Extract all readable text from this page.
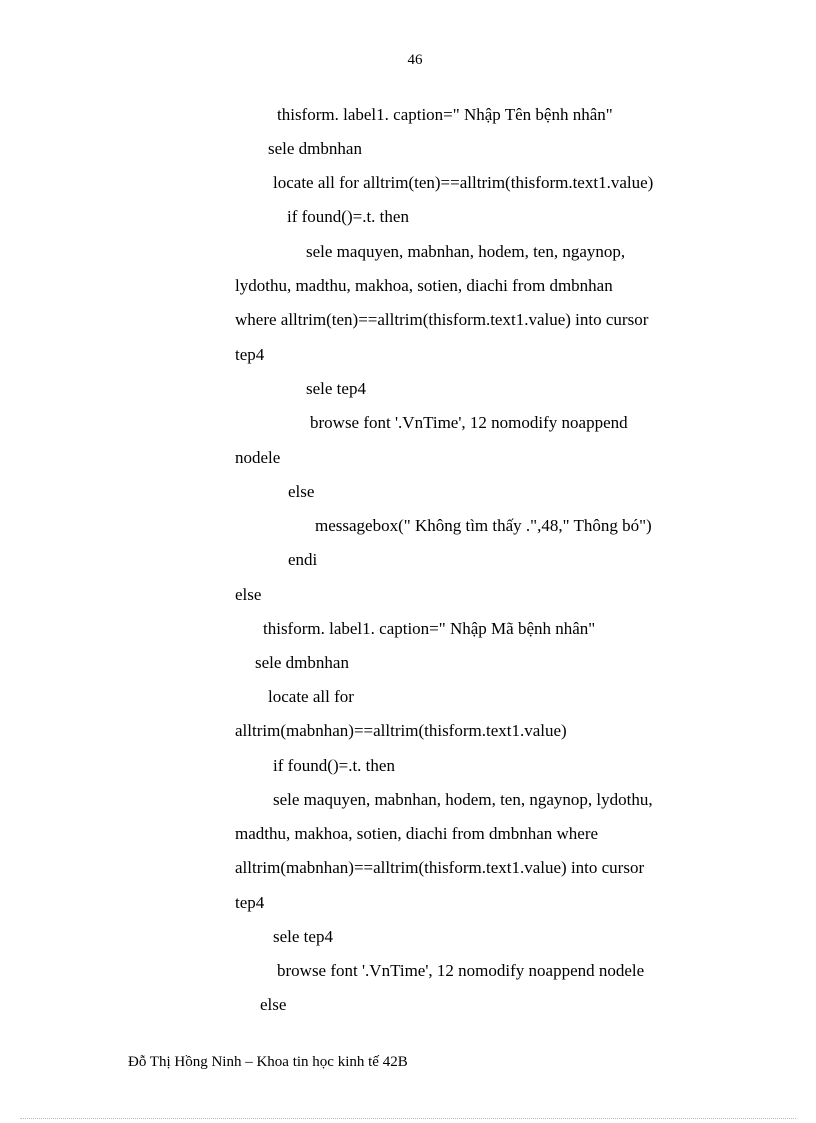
46
thisform. label1. caption=" Nhập Tên bệnh nhân"
sele dmbnhan
locate all for alltrim(ten)==alltrim(thisform.text1.value)
if found()=.t. then
sele maquyen, mabnhan, hodem, ten, ngaynop,
lydothu, madthu, makhoa, sotien, diachi from dmbnhan
where alltrim(ten)==alltrim(thisform.text1.value) into cursor
tep4
sele tep4
browse font '.VnTime', 12 nomodify noappend
nodele
else
messagebox(" Không tìm thấy .",48," Thông bó")
endi
else
thisform. label1. caption=" Nhập Mã bệnh nhân"
sele dmbnhan
locate all for
alltrim(mabnhan)==alltrim(thisform.text1.value)
if found()=.t. then
sele maquyen, mabnhan, hodem, ten, ngaynop, lydothu,
madthu, makhoa, sotien, diachi from dmbnhan where
alltrim(mabnhan)==alltrim(thisform.text1.value) into cursor
tep4
sele tep4
browse font '.VnTime', 12 nomodify noappend nodele
else
Đỗ Thị Hồng Ninh – Khoa tin học kinh tế 42B
